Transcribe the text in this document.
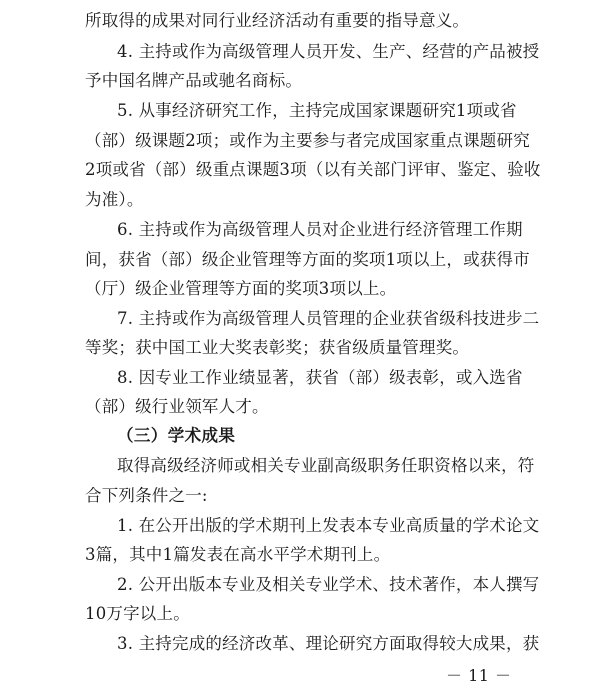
所取得的成果对同行业经济活动有重要的指导意义。
4. 主持或作为高级管理人员开发、生产、经营的产品被授
予中国名牌产品或驰名商标。
5. 从事经济研究工作，主持完成国家课题研究1项或省
（部）级课题2项；或作为主要参与者完成国家重点课题研究
2项或省（部）级重点课题3项（以有关部门评审、鉴定、验收
为准）。
6. 主持或作为高级管理人员对企业进行经济管理工作期
间，获省（部）级企业管理等方面的奖项1项以上，或获得市
（厅）级企业管理等方面的奖项3项以上。
7. 主持或作为高级管理人员管理的企业获省级科技进步二
等奖；获中国工业大奖表彰奖；获省级质量管理奖。
8. 因专业工作业绩显著，获省（部）级表彰，或入选省
（部）级行业领军人才。
（三）学术成果
取得高级经济师或相关专业副高级职务任职资格以来，符
合下列条件之一:
1. 在公开出版的学术期刊上发表本专业高质量的学术论文
3篇，其中1篇发表在高水平学术期刊上。
2. 公开出版本专业及相关专业学术、技术著作，本人撰写
10万字以上。
3. 主持完成的经济改革、理论研究方面取得较大成果，获
－ 11 －
